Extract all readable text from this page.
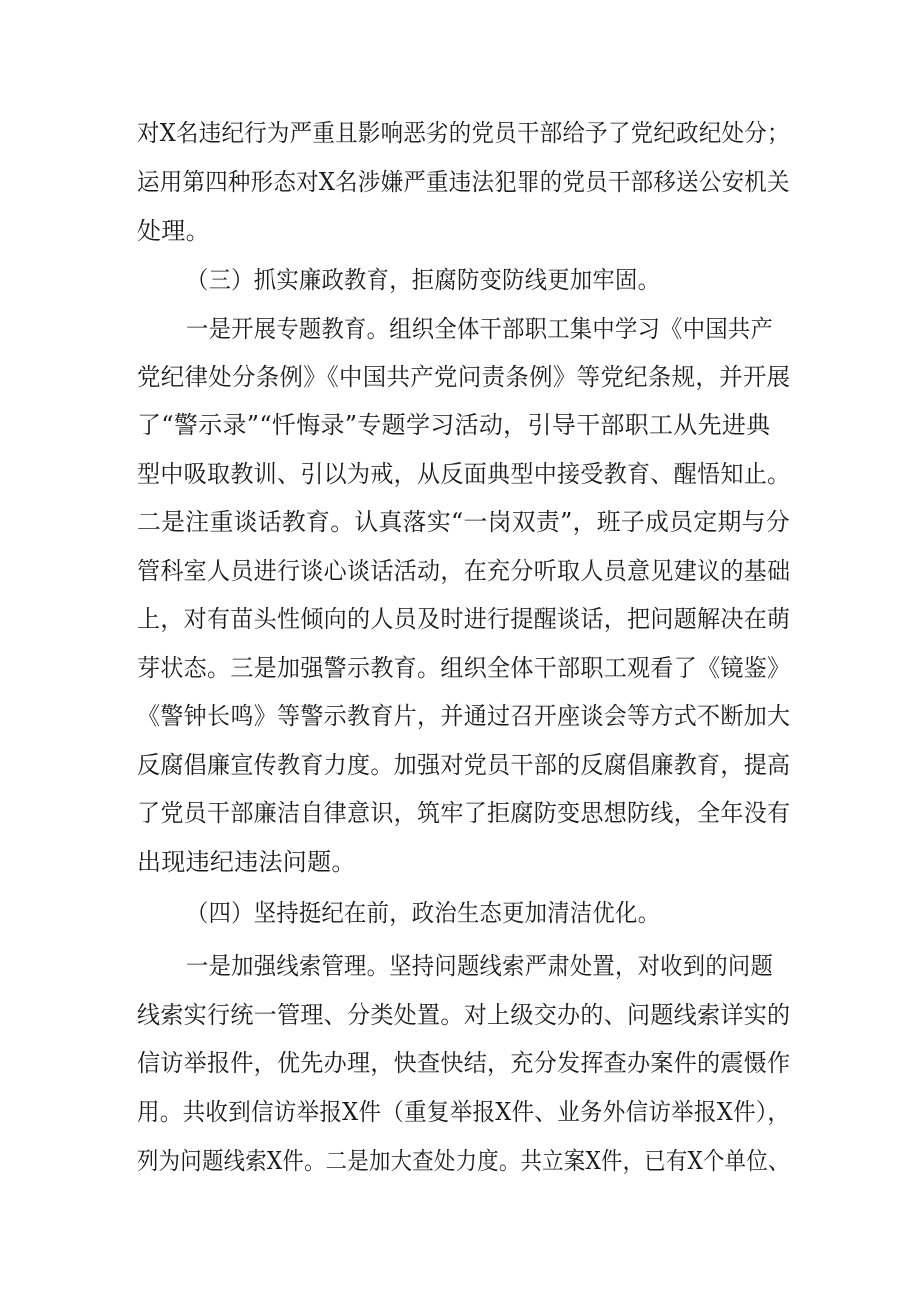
对X名违纪行为严重且影响恶劣的党员干部给予了党纪政纪处分；
运用第四种形态对X名涉嫌严重违法犯罪的党员干部移送公安机关
处理。
（三）抓实廉政教育，拒腐防变防线更加牢固。
一是开展专题教育。组织全体干部职工集中学习《中国共产
党纪律处分条例》《中国共产党问责条例》等党纪条规，并开展
了“警示录”“忏悔录”专题学习活动，引导干部职工从先进典
型中吸取教训、引以为戒，从反面典型中接受教育、醒悟知止。
二是注重谈话教育。认真落实“一岗双责”，班子成员定期与分
管科室人员进行谈心谈话活动，在充分听取人员意见建议的基础
上，对有苗头性倾向的人员及时进行提醒谈话，把问题解决在萌
芽状态。三是加强警示教育。组织全体干部职工观看了《镜鉴》
《警钟长鸣》等警示教育片，并通过召开座谈会等方式不断加大
反腐倡廉宣传教育力度。加强对党员干部的反腐倡廉教育，提高
了党员干部廉洁自律意识，筑牢了拒腐防变思想防线，全年没有
出现违纪违法问题。
（四）坚持挺纪在前，政治生态更加清洁优化。
一是加强线索管理。坚持问题线索严肃处置，对收到的问题
线索实行统一管理、分类处置。对上级交办的、问题线索详实的
信访举报件，优先办理，快查快结，充分发挥查办案件的震慑作
用。共收到信访举报X件（重复举报X件、业务外信访举报X件），
列为问题线索X件。二是加大查处力度。共立案X件，已有X个单位、
